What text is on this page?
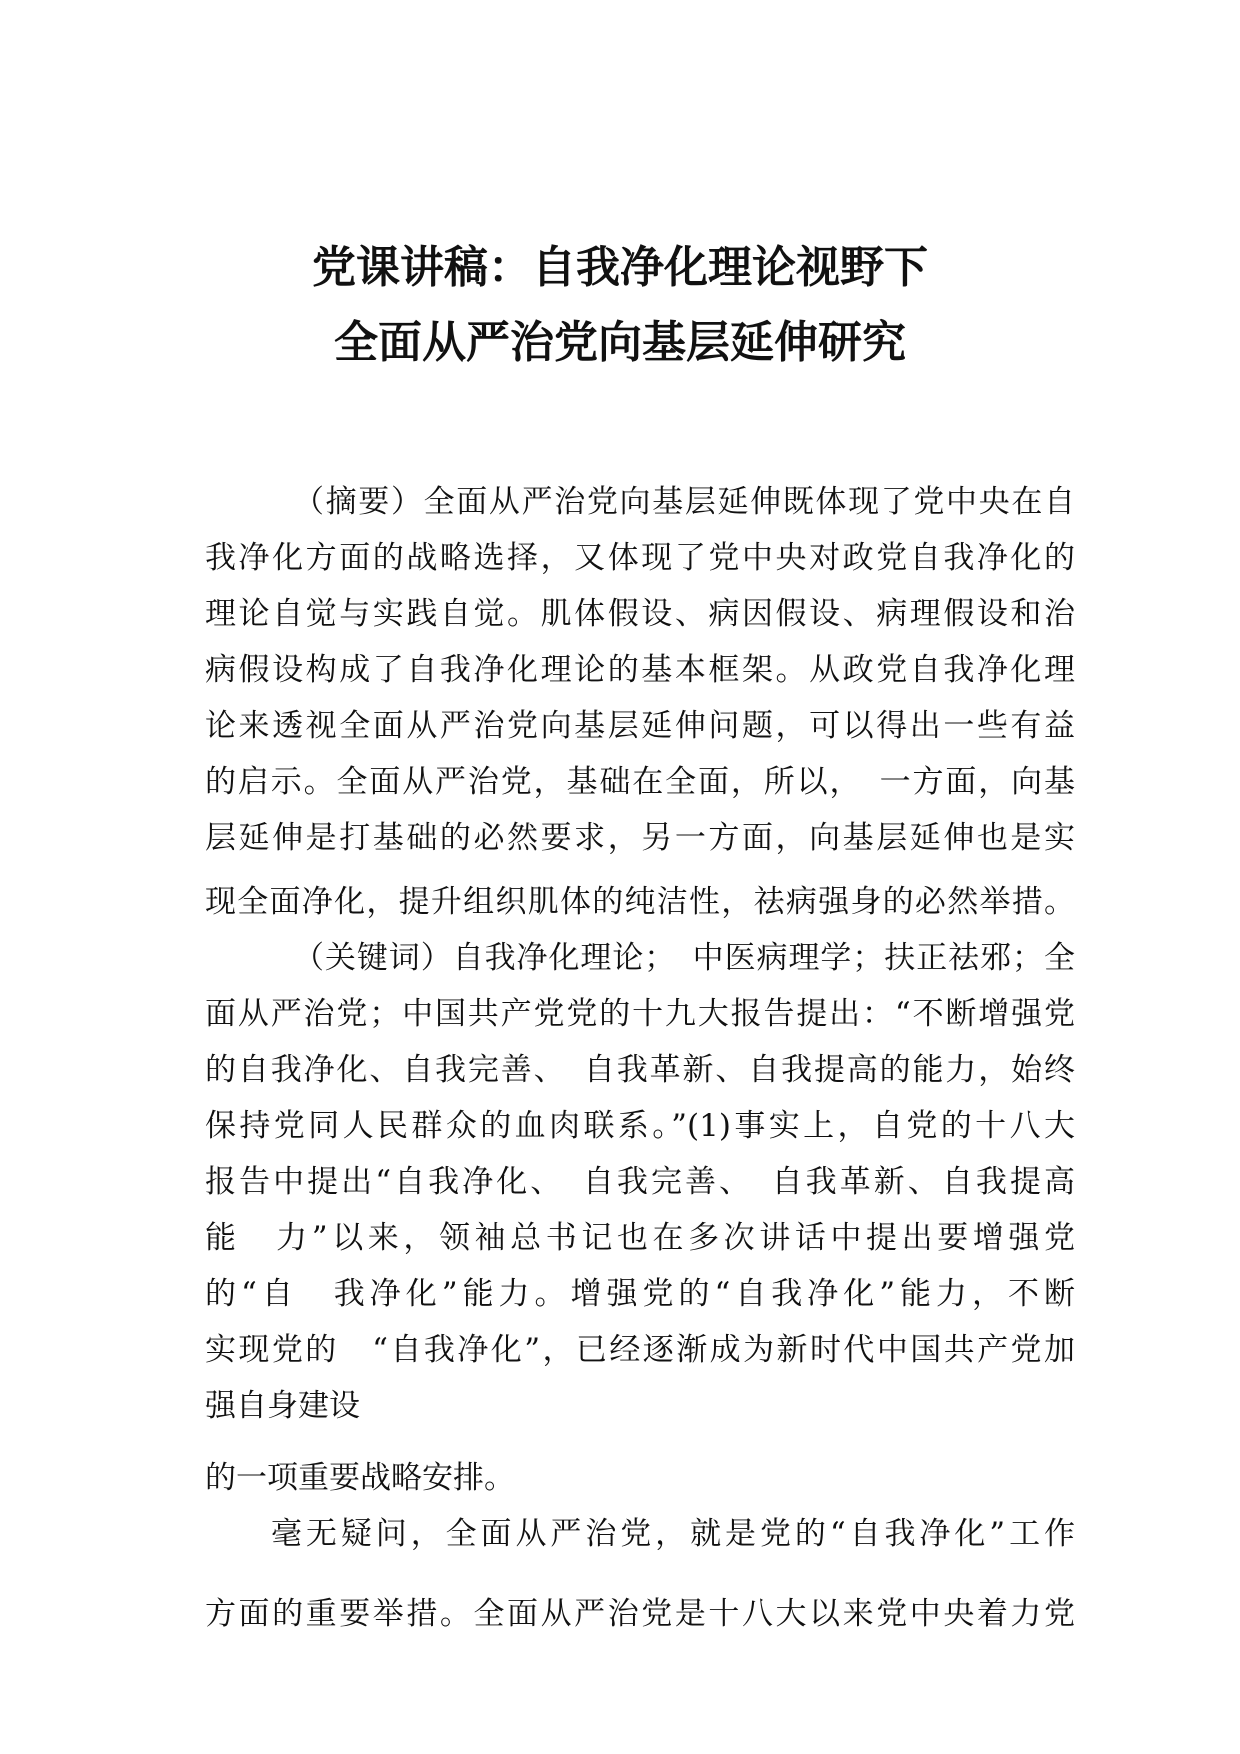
党课讲稿：自我净化理论视野下
全面从严治党向基层延伸研究
（摘要）全面从严治党向基层延伸既体现了党中央在自
我净化方面的战略选择，又体现了党中央对政党自我净化的
理论自觉与实践自觉。肌体假设、病因假设、病理假设和治
病假设构成了自我净化理论的基本框架。从政党自我净化理
论来透视全面从严治党向基层延伸问题，可以得出一些有益
的启示。全面从严治党，基础在全面，所以，　一方面，向基
层延伸是打基础的必然要求，另一方面，向基层延伸也是实
现全面净化，提升组织肌体的纯洁性，祛病强身的必然举措。
（关键词）自我净化理论；　中医病理学；扶正祛邪；全
面从严治党；中国共产党党的十九大报告提出：“不断增强党
的自我净化、自我完善、　自我革新、自我提高的能力，始终
保持党同人民群众的血肉联系。”(1)事实上，自党的十八大
报告中提出“自我净化、　自我完善、　自我革新、自我提高
能　力”以来，领袖总书记也在多次讲话中提出要增强党
的“自　我净化”能力。增强党的“自我净化”能力，不断
实现党的　“自我净化”，已经逐渐成为新时代中国共产党加
强自身建设
的一项重要战略安排。
毫无疑问，全面从严治党，就是党的“自我净化”工作
方面的重要举措。全面从严治党是十八大以来党中央着力党
